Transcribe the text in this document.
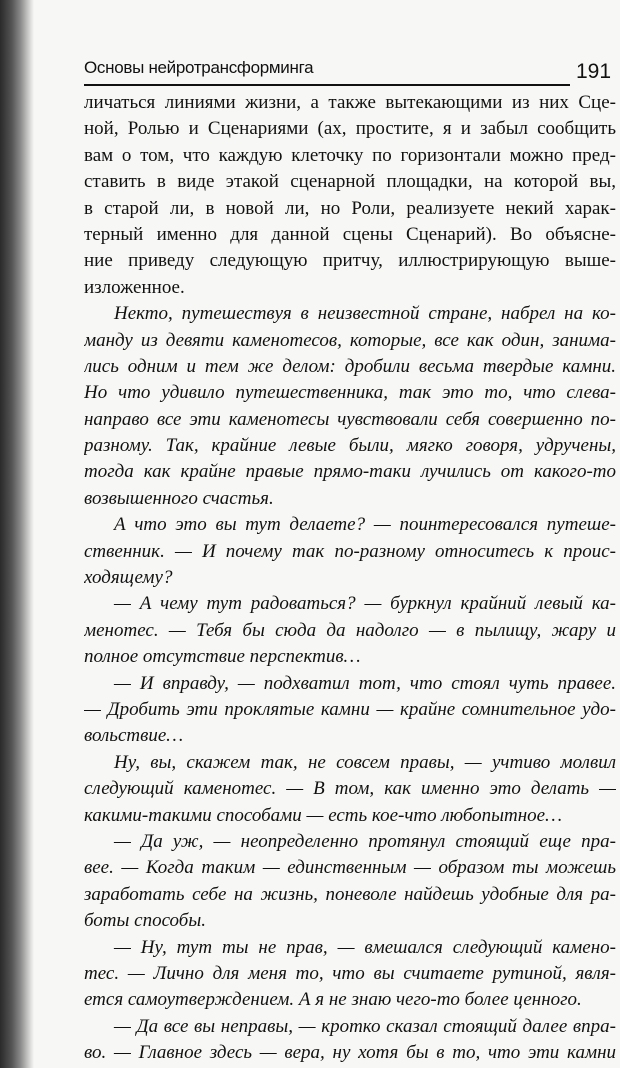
Основы нейротрансформинга	191
личаться линиями жизни, а также вытекающими из них Сце-
ной, Ролью и Сценариями (ах, простите, я и забыл сообщить
вам о том, что каждую клеточку по горизонтали можно пред-
ставить в виде этакой сценарной площадки, на которой вы,
в старой ли, в новой ли, но Роли, реализуете некий харак-
терный именно для данной сцены Сценарий). Во объясне-
ние приведу следующую притчу, иллюстрирующую выше-
изложенное.
Некто, путешествуя в неизвестной стране, набрел на ко-
манду из девяти каменотесов, которые, все как один, занима-
лись одним и тем же делом: дробили весьма твердые камни.
Но что удивило путешественника, так это то, что слева-
направо все эти каменотесы чувствовали себя совершенно по-
разному. Так, крайние левые были, мягко говоря, удручены,
тогда как крайне правые прямо-таки лучились от какого-то
возвышенного счастья.
А что это вы тут делаете? — поинтересовался путеше-
ственник. — И почему так по-разному относитесь к проис-
ходящему?
— А чему тут радоваться? — буркнул крайний левый ка-
менотес. — Тебя бы сюда да надолго — в пылищу, жару и
полное отсутствие перспектив…
— И вправду, — подхватил тот, что стоял чуть правее.
— Дробить эти проклятые камни — крайне сомнительное удо-
вольствие…
Ну, вы, скажем так, не совсем правы, — учтиво молвил
следующий каменотес. — В том, как именно это делать —
какими-такими способами — есть кое-что любопытное…
— Да уж, — неопределенно протянул стоящий еще пра-
вее. — Когда таким — единственным — образом ты можешь
заработать себе на жизнь, поневоле найдешь удобные для ра-
боты способы.
— Ну, тут ты не прав, — вмешался следующий камено-
тес. — Лично для меня то, что вы считаете рутиной, явля-
ется самоутверждением. А я не знаю чего-то более ценного.
— Да все вы неправы, — кротко сказал стоящий далее впра-
во. — Главное здесь — вера, ну хотя бы в то, что эти камни
